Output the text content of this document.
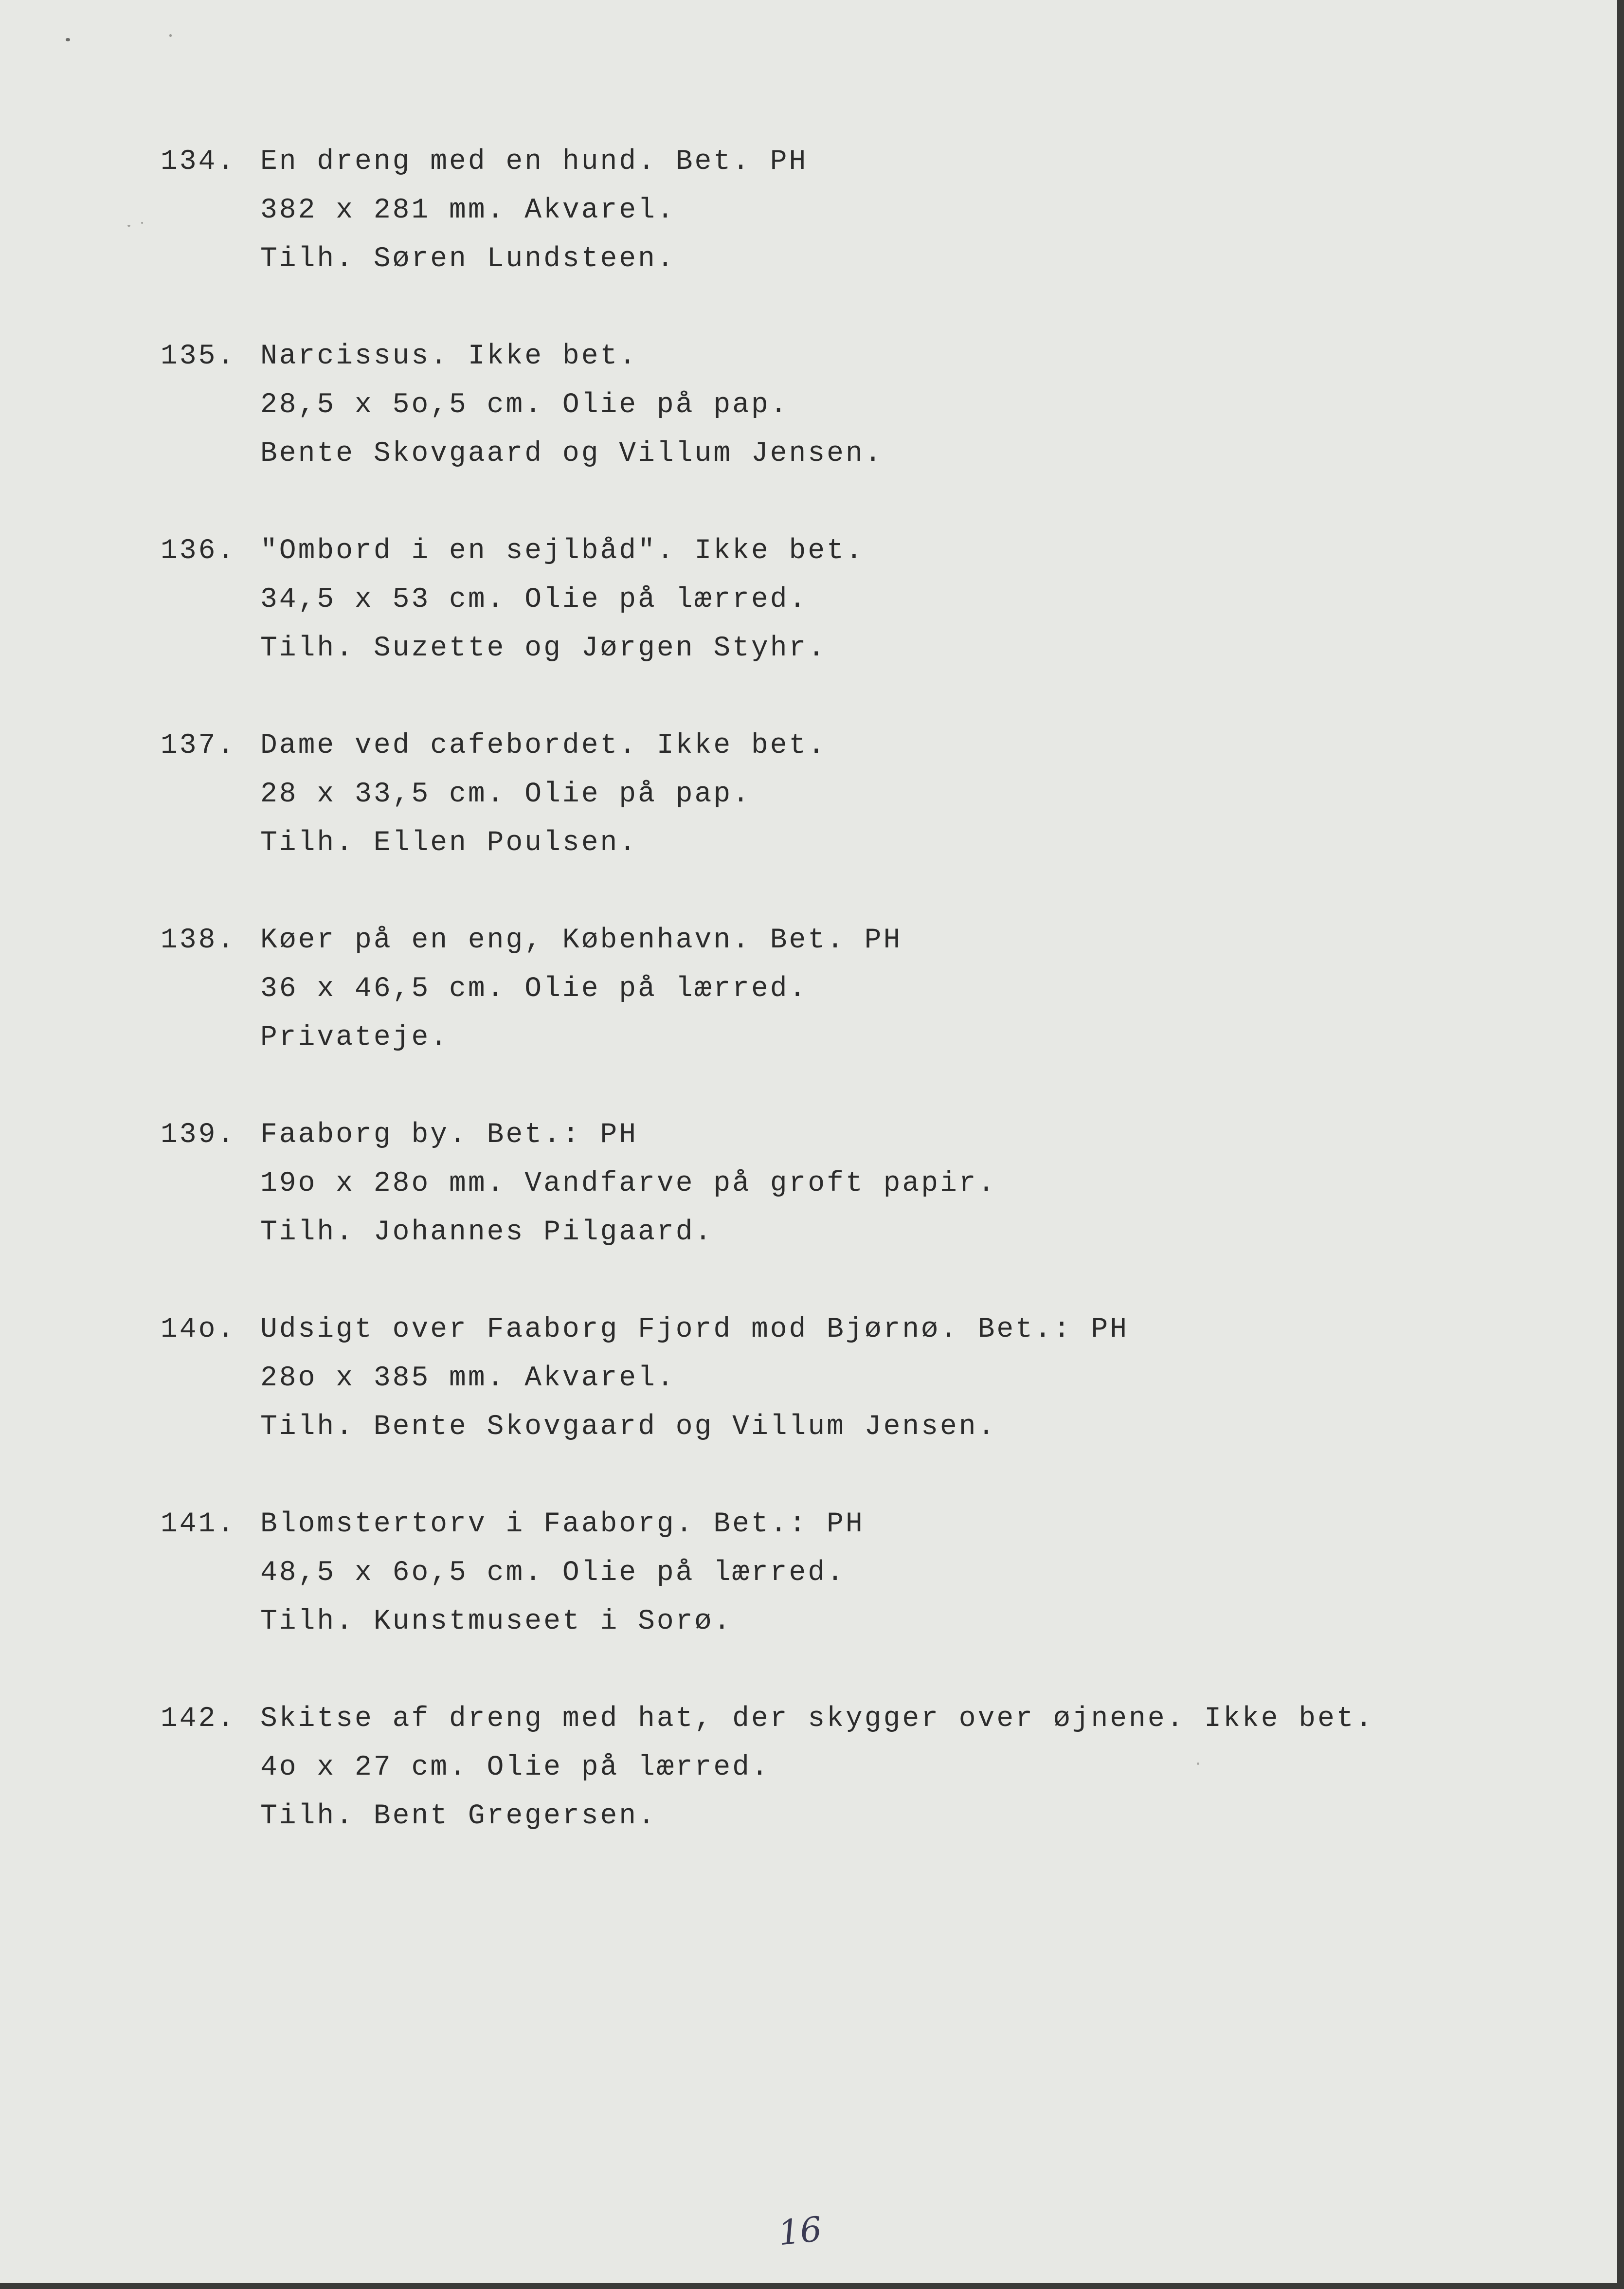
134. En dreng med en hund. Bet. PH
382 x 281 mm. Akvarel.
Tilh. Søren Lundsteen.
135. Narcissus. Ikke bet.
28,5 x 5o,5 cm. Olie på pap.
Bente Skovgaard og Villum Jensen.
136. "Ombord i en sejlbåd". Ikke bet.
34,5 x 53 cm. Olie på lærred.
Tilh. Suzette og Jørgen Styhr.
137. Dame ved cafebordet. Ikke bet.
28 x 33,5 cm. Olie på pap.
Tilh. Ellen Poulsen.
138. Køer på en eng, København. Bet. PH
36 x 46,5 cm. Olie på lærred.
Privateje.
139. Faaborg by. Bet.: PH
19o x 28o mm. Vandfarve på groft papir.
Tilh. Johannes Pilgaard.
14o. Udsigt over Faaborg Fjord mod Bjørnø. Bet.: PH
28o x 385 mm. Akvarel.
Tilh. Bente Skovgaard og Villum Jensen.
141. Blomstertorv i Faaborg. Bet.: PH
48,5 x 6o,5 cm. Olie på lærred.
Tilh. Kunstmuseet i Sorø.
142. Skitse af dreng med hat, der skygger over øjnene. Ikke bet.
4o x 27 cm. Olie på lærred.
Tilh. Bent Gregersen.
16
